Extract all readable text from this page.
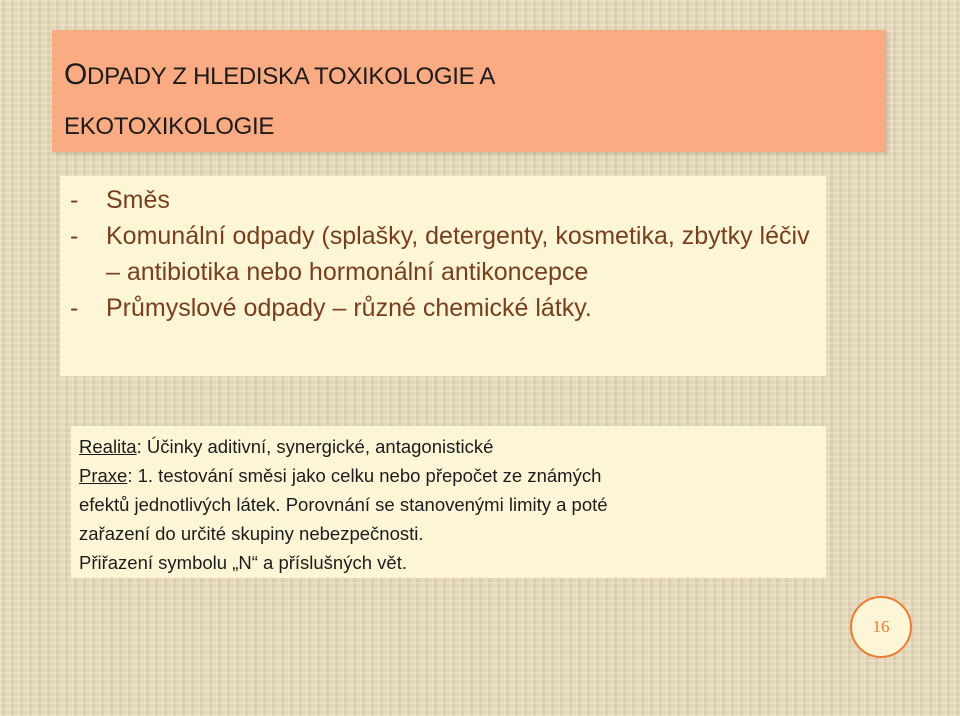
ODPADY Z HLEDISKA TOXIKOLOGIE A
EKOTOXIKOLOGIE
- Směs
- Komunální odpady (splašky, detergenty, kosmetika, zbytky léčiv – antibiotika nebo hormonální antikoncepce
- Průmyslové odpady – různé chemické látky.
Realita: Účinky aditivní, synergické, antagonistické
Praxe: 1. testování směsi jako celku nebo přepočet ze známých
efektů jednotlivých látek. Porovnání se stanovenými limity a poté
zařazení do určité skupiny nebezpečnosti.
Přiřazení symbolu „N“ a příslušných vět.
16
